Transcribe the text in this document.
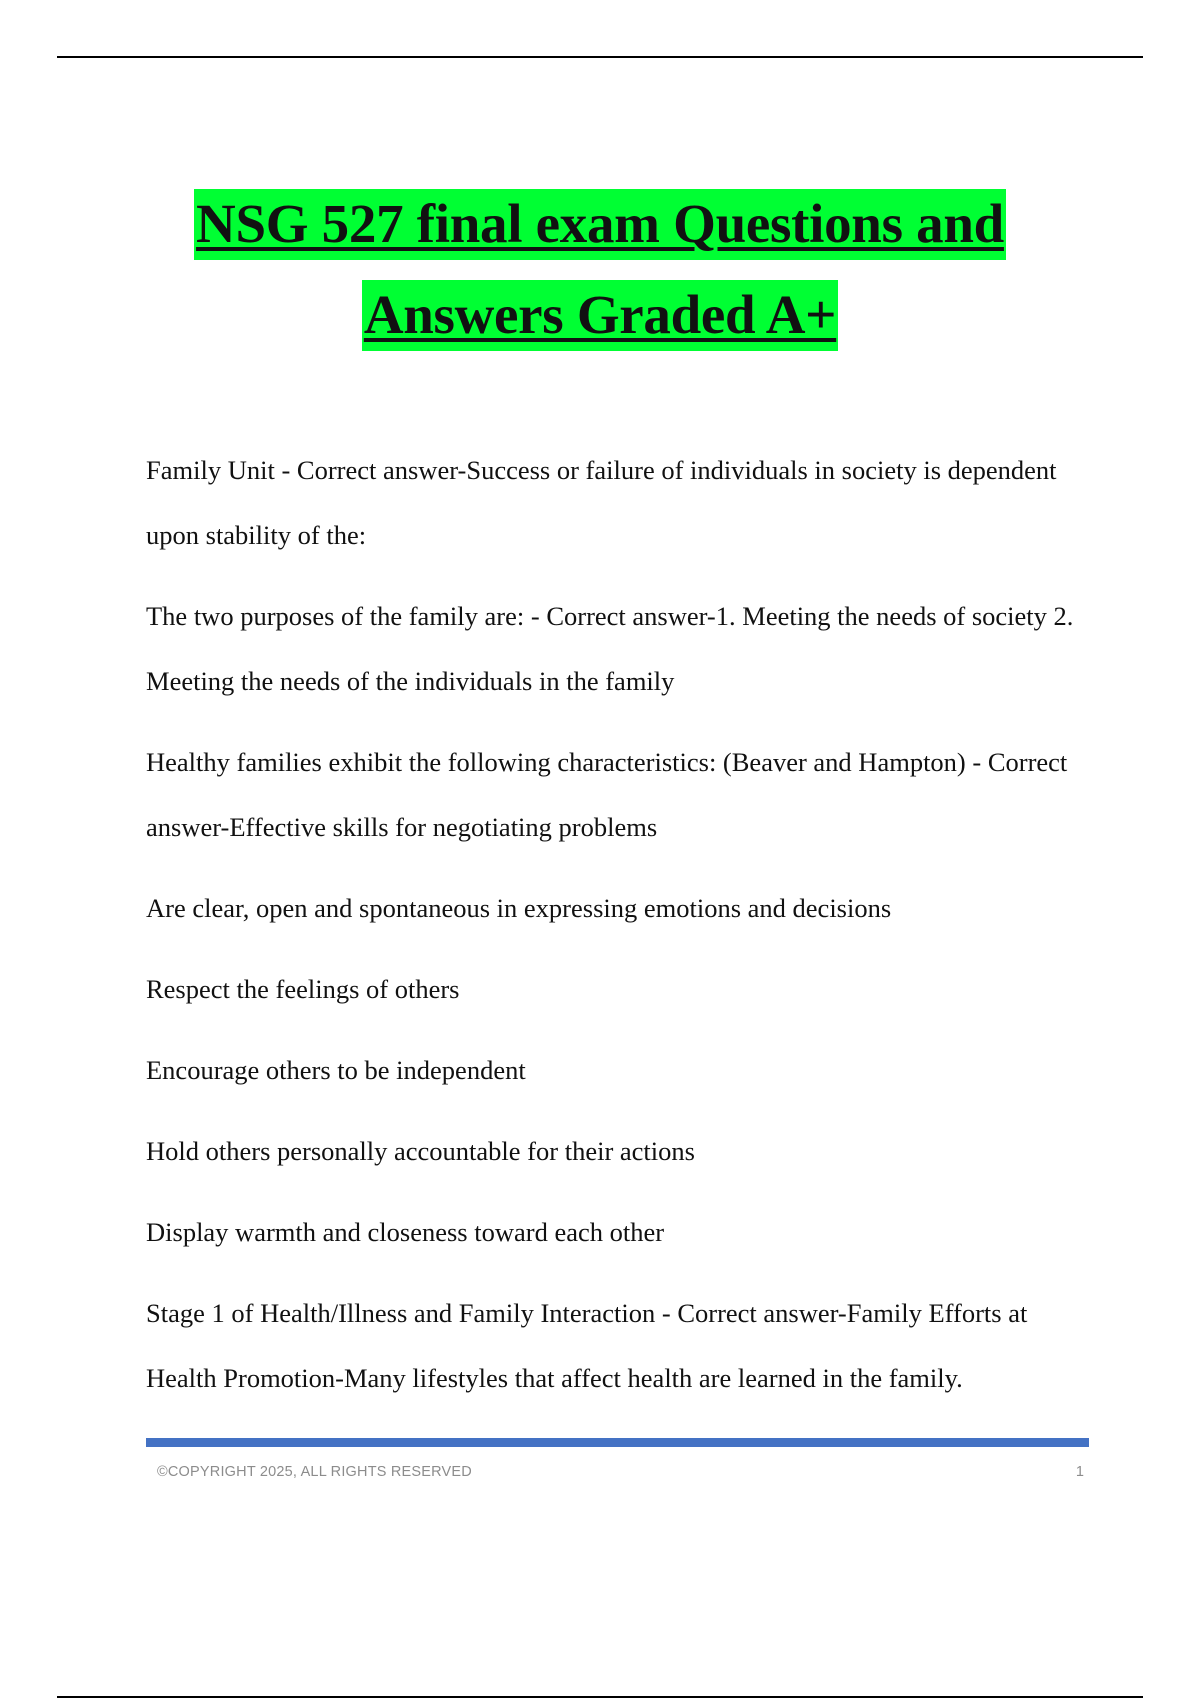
NSG 527 final exam Questions and
Answers Graded A+

Family Unit - Correct answer-Success or failure of individuals in society is dependent upon stability of the:

The two purposes of the family are: - Correct answer-1. Meeting the needs of society 2. Meeting the needs of the individuals in the family

Healthy families exhibit the following characteristics: (Beaver and Hampton) - Correct answer-Effective skills for negotiating problems

Are clear, open and spontaneous in expressing emotions and decisions

Respect the feelings of others

Encourage others to be independent

Hold others personally accountable for their actions

Display warmth and closeness toward each other

Stage 1 of Health/Illness and Family Interaction - Correct answer-Family Efforts at Health Promotion-Many lifestyles that affect health are learned in the family.

©COPYRIGHT 2025, ALL RIGHTS RESERVED	1
